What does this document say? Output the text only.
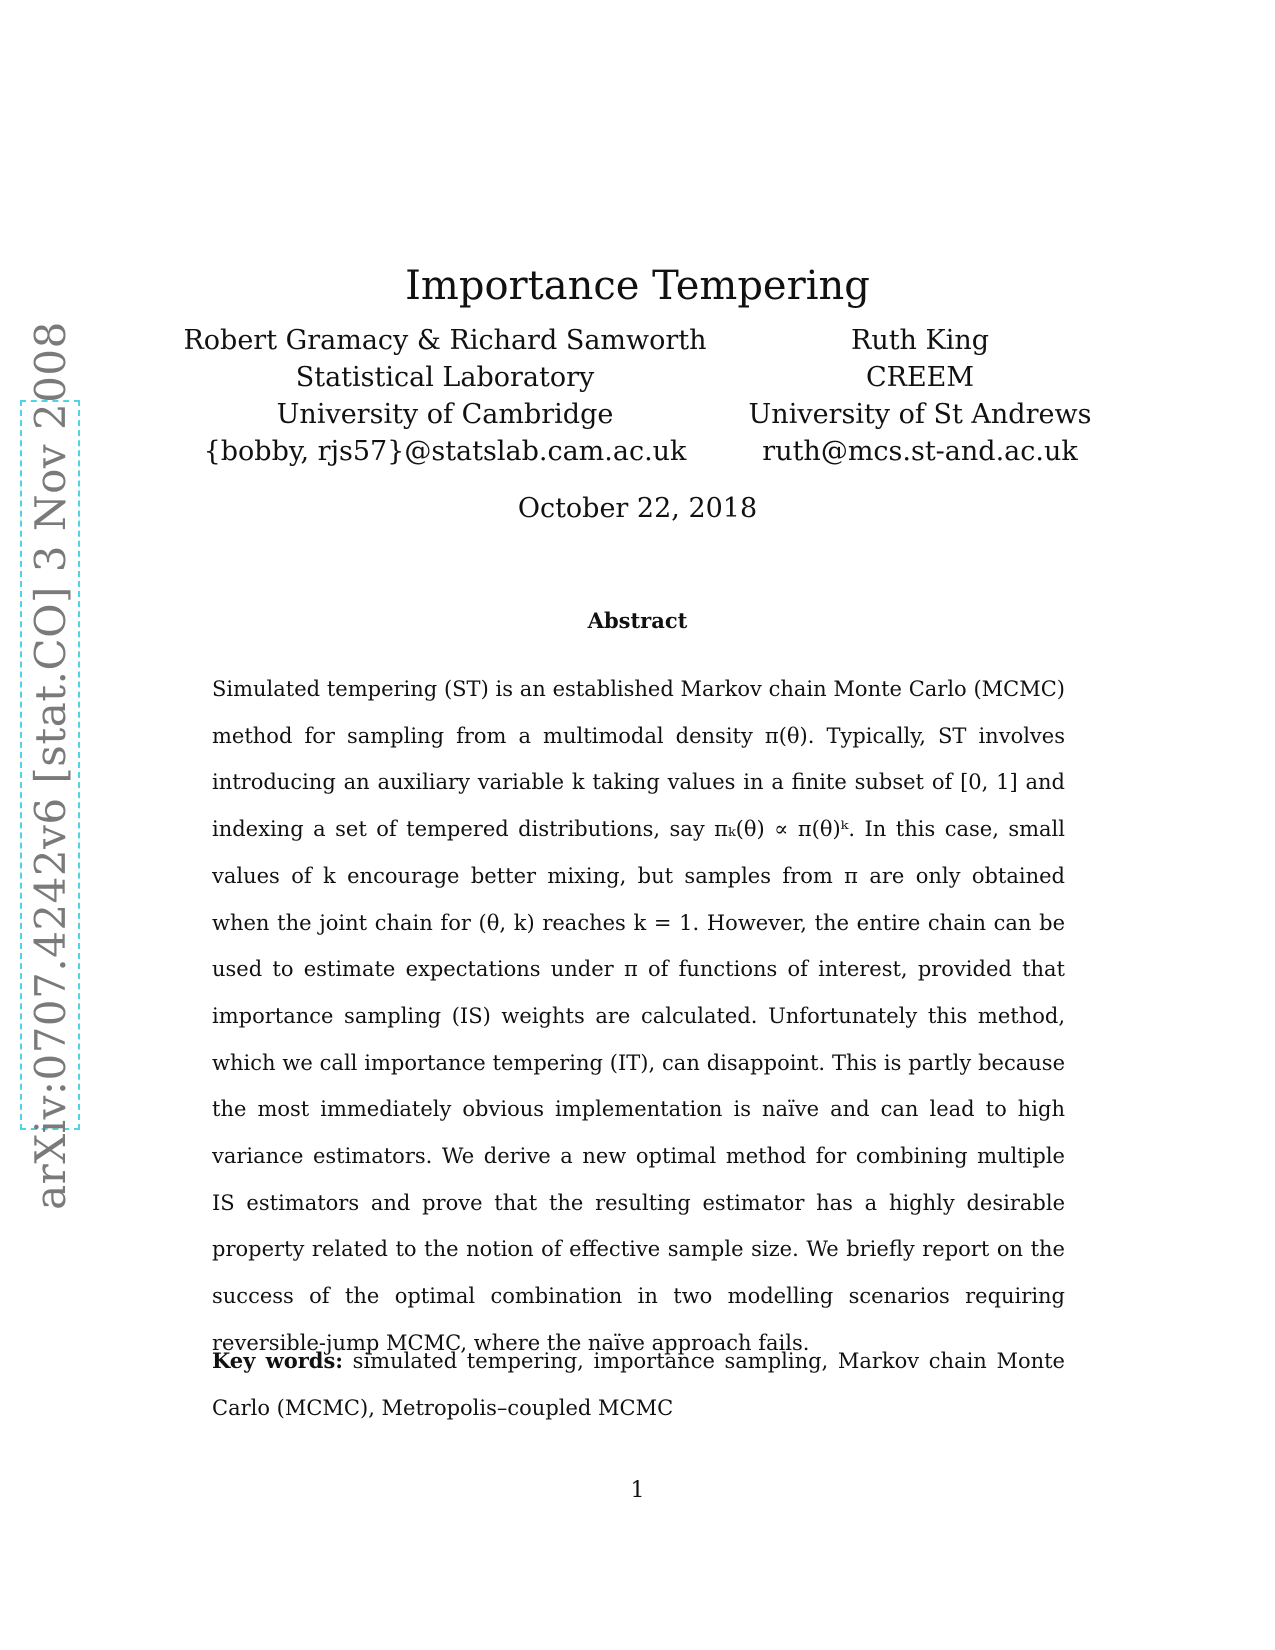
arXiv:0707.4242v6 [stat.CO] 3 Nov 2008
Importance Tempering
Robert Gramacy & Richard Samworth
Statistical Laboratory
University of Cambridge
{bobby, rjs57}@statslab.cam.ac.uk
Ruth King
CREEM
University of St Andrews
ruth@mcs.st-and.ac.uk
October 22, 2018
Abstract

Simulated tempering (ST) is an established Markov chain Monte Carlo (MCMC) method for sampling from a multimodal density π(θ). Typically, ST involves introducing an auxiliary variable k taking values in a finite subset of [0, 1] and indexing a set of tempered distributions, say πₖ(θ) ∝ π(θ)ᵏ. In this case, small values of k encourage better mixing, but samples from π are only obtained when the joint chain for (θ, k) reaches k = 1. However, the entire chain can be used to estimate expectations under π of functions of interest, provided that importance sampling (IS) weights are calculated. Unfortunately this method, which we call importance tempering (IT), can disappoint. This is partly because the most immediately obvious implementation is naïve and can lead to high variance estimators. We derive a new optimal method for combining multiple IS estimators and prove that the resulting estimator has a highly desirable property related to the notion of effective sample size. We briefly report on the success of the optimal combination in two modelling scenarios requiring reversible-jump MCMC, where the naïve approach fails.

Key words: simulated tempering, importance sampling, Markov chain Monte Carlo (MCMC), Metropolis–coupled MCMC

1
